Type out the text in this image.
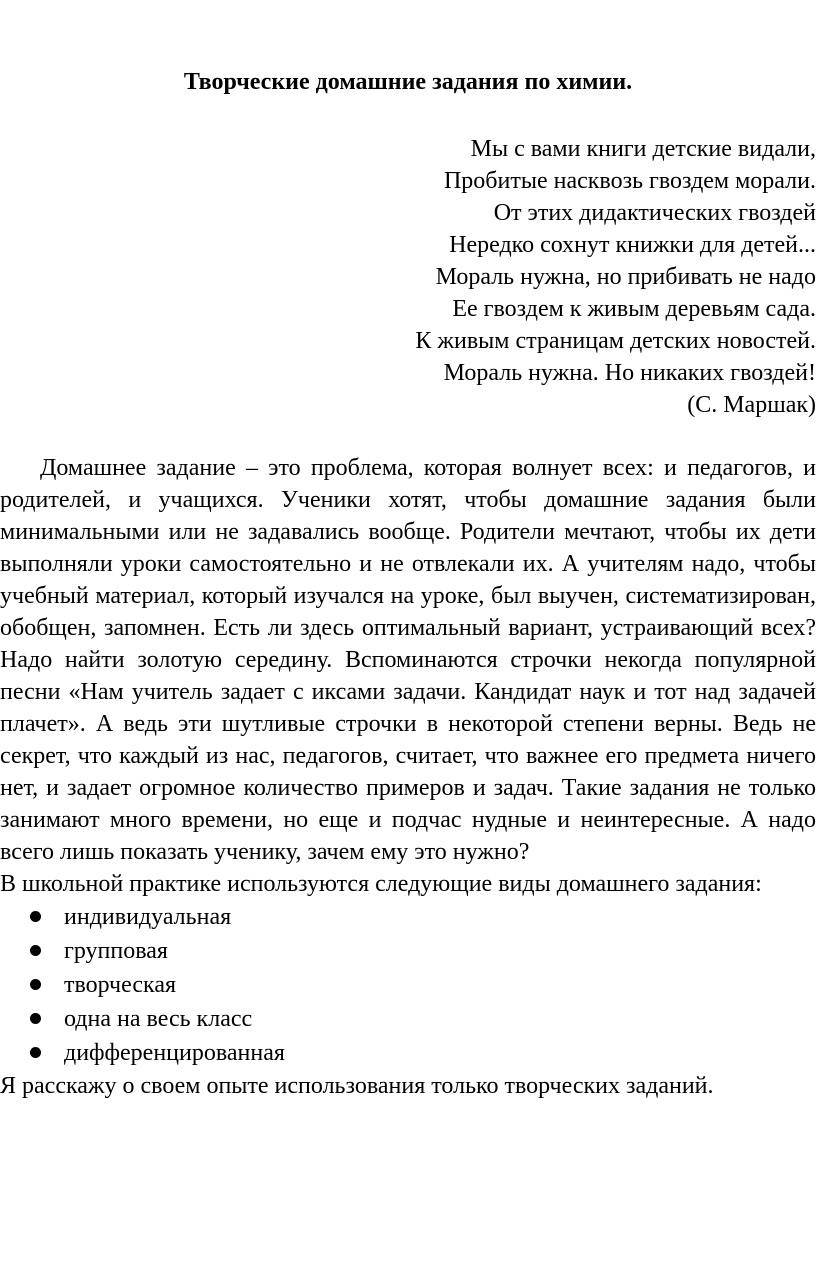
Творческие домашние задания по химии.
Мы с вами книги детские видали,
Пробитые насквозь гвоздем морали.
От этих дидактических гвоздей
Нередко сохнут книжки для детей...
Мораль нужна, но прибивать не надо
Ее гвоздем к живым деревьям сада.
К живым страницам детских новостей.
Мораль нужна. Но никаких гвоздей!
(С. Маршак)

Домашнее задание – это проблема, которая волнует всех: и педагогов, и родителей, и учащихся. Ученики хотят, чтобы домашние задания были минимальными или не задавались вообще. Родители мечтают, чтобы их дети выполняли уроки самостоятельно и не отвлекали их. А учителям надо, чтобы учебный материал, который изучался на уроке, был выучен, систематизирован, обобщен, запомнен. Есть ли здесь оптимальный вариант, устраивающий всех? Надо найти золотую середину. Вспоминаются строчки некогда популярной песни «Нам учитель задает с иксами задачи. Кандидат наук и тот над задачей плачет». А ведь эти шутливые строчки в некоторой степени верны. Ведь не секрет, что каждый из нас, педагогов, считает, что важнее его предмета ничего нет, и задает огромное количество примеров и задач. Такие задания не только занимают много времени, но еще и подчас нудные и неинтересные. А надо всего лишь показать ученику, зачем ему это нужно?

В школьной практике используются следующие виды домашнего задания:

индивидуальная
групповая
творческая
одна на весь класс
дифференцированная

Я расскажу о своем опыте использования только творческих заданий.
